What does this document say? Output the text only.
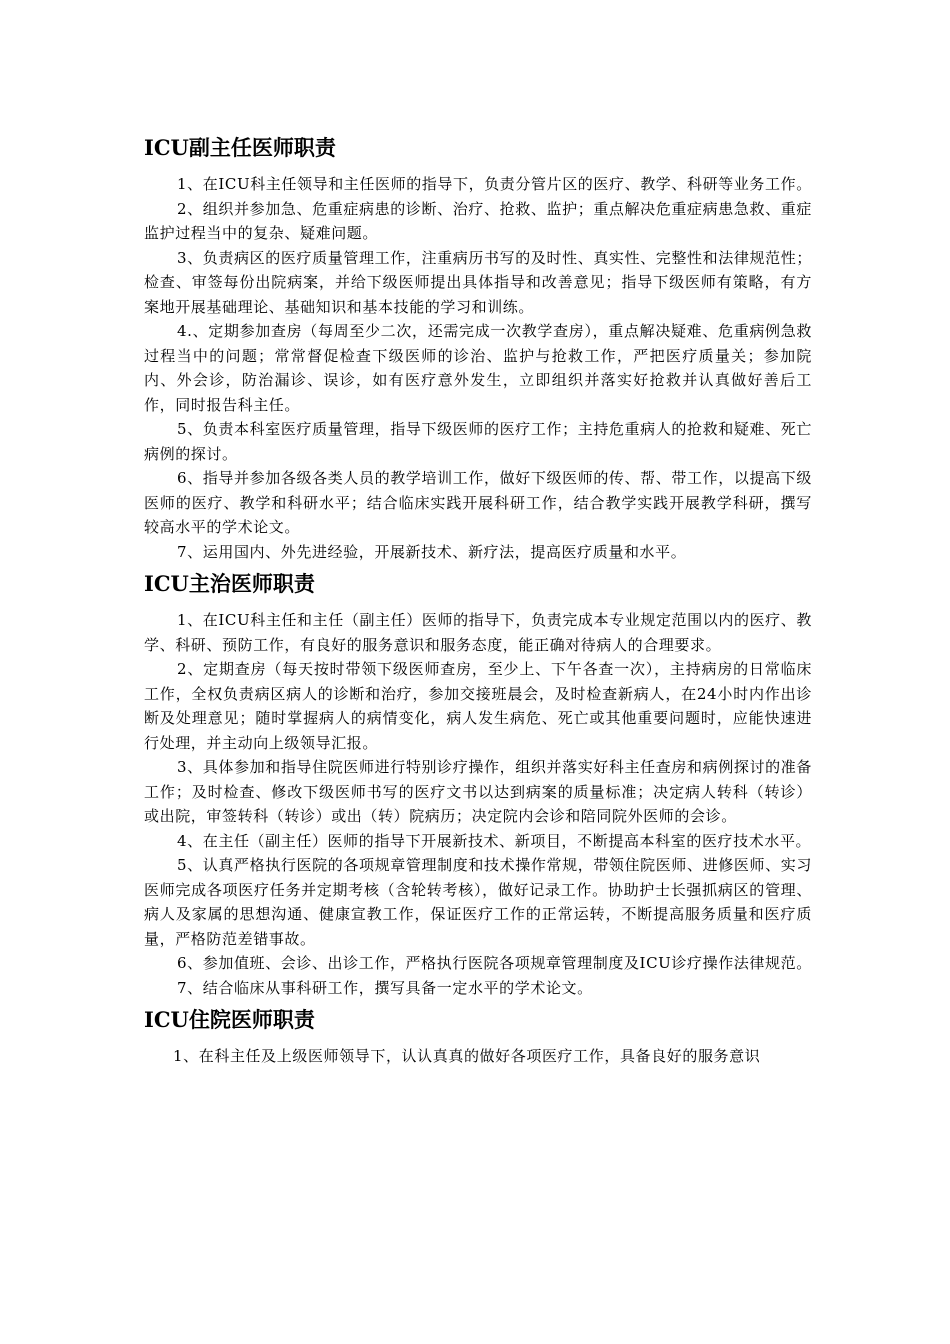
ICU副主任医师职责

1、在ICU科主任领导和主任医师的指导下，负责分管片区的医疗、教学、科研等业务工作。

2、组织并参加急、危重症病患的诊断、治疗、抢救、监护；重点解决危重症病患急救、重症监护过程当中的复杂、疑难问题。

3、负责病区的医疗质量管理工作，注重病历书写的及时性、真实性、完整性和法律规范性；检查、审签每份出院病案，并给下级医师提出具体指导和改善意见；指导下级医师有策略，有方案地开展基础理论、基础知识和基本技能的学习和训练。

4.、定期参加查房（每周至少二次，还需完成一次教学查房），重点解决疑难、危重病例急救过程当中的问题；常常督促检查下级医师的诊治、监护与抢救工作，严把医疗质量关；参加院内、外会诊，防治漏诊、误诊，如有医疗意外发生，立即组织并落实好抢救并认真做好善后工作，同时报告科主任。

5、负责本科室医疗质量管理，指导下级医师的医疗工作；主持危重病人的抢救和疑难、死亡病例的探讨。

6、指导并参加各级各类人员的教学培训工作，做好下级医师的传、帮、带工作，以提高下级医师的医疗、教学和科研水平；结合临床实践开展科研工作，结合教学实践开展教学科研，撰写较高水平的学术论文。

7、运用国内、外先进经验，开展新技术、新疗法，提高医疗质量和水平。

ICU主治医师职责

1、在ICU科主任和主任（副主任）医师的指导下，负责完成本专业规定范围以内的医疗、教学、科研、预防工作，有良好的服务意识和服务态度，能正确对待病人的合理要求。

2、定期查房（每天按时带领下级医师查房，至少上、下午各查一次），主持病房的日常临床工作，全权负责病区病人的诊断和治疗，参加交接班晨会，及时检查新病人，在24小时内作出诊断及处理意见；随时掌握病人的病情变化，病人发生病危、死亡或其他重要问题时，应能快速进行处理，并主动向上级领导汇报。

3、具体参加和指导住院医师进行特别诊疗操作，组织并落实好科主任查房和病例探讨的准备工作；及时检查、修改下级医师书写的医疗文书以达到病案的质量标准；决定病人转科（转诊）或出院，审签转科（转诊）或出（转）院病历；决定院内会诊和陪同院外医师的会诊。

4、在主任（副主任）医师的指导下开展新技术、新项目，不断提高本科室的医疗技术水平。

5、认真严格执行医院的各项规章管理制度和技术操作常规，带领住院医师、进修医师、实习医师完成各项医疗任务并定期考核（含轮转考核），做好记录工作。协助护士长强抓病区的管理、病人及家属的思想沟通、健康宣教工作，保证医疗工作的正常运转，不断提高服务质量和医疗质量，严格防范差错事故。

6、参加值班、会诊、出诊工作，严格执行医院各项规章管理制度及ICU诊疗操作法律规范。

7、结合临床从事科研工作，撰写具备一定水平的学术论文。

ICU住院医师职责

1、在科主任及上级医师领导下，认认真真的做好各项医疗工作，具备良好的服务意识
